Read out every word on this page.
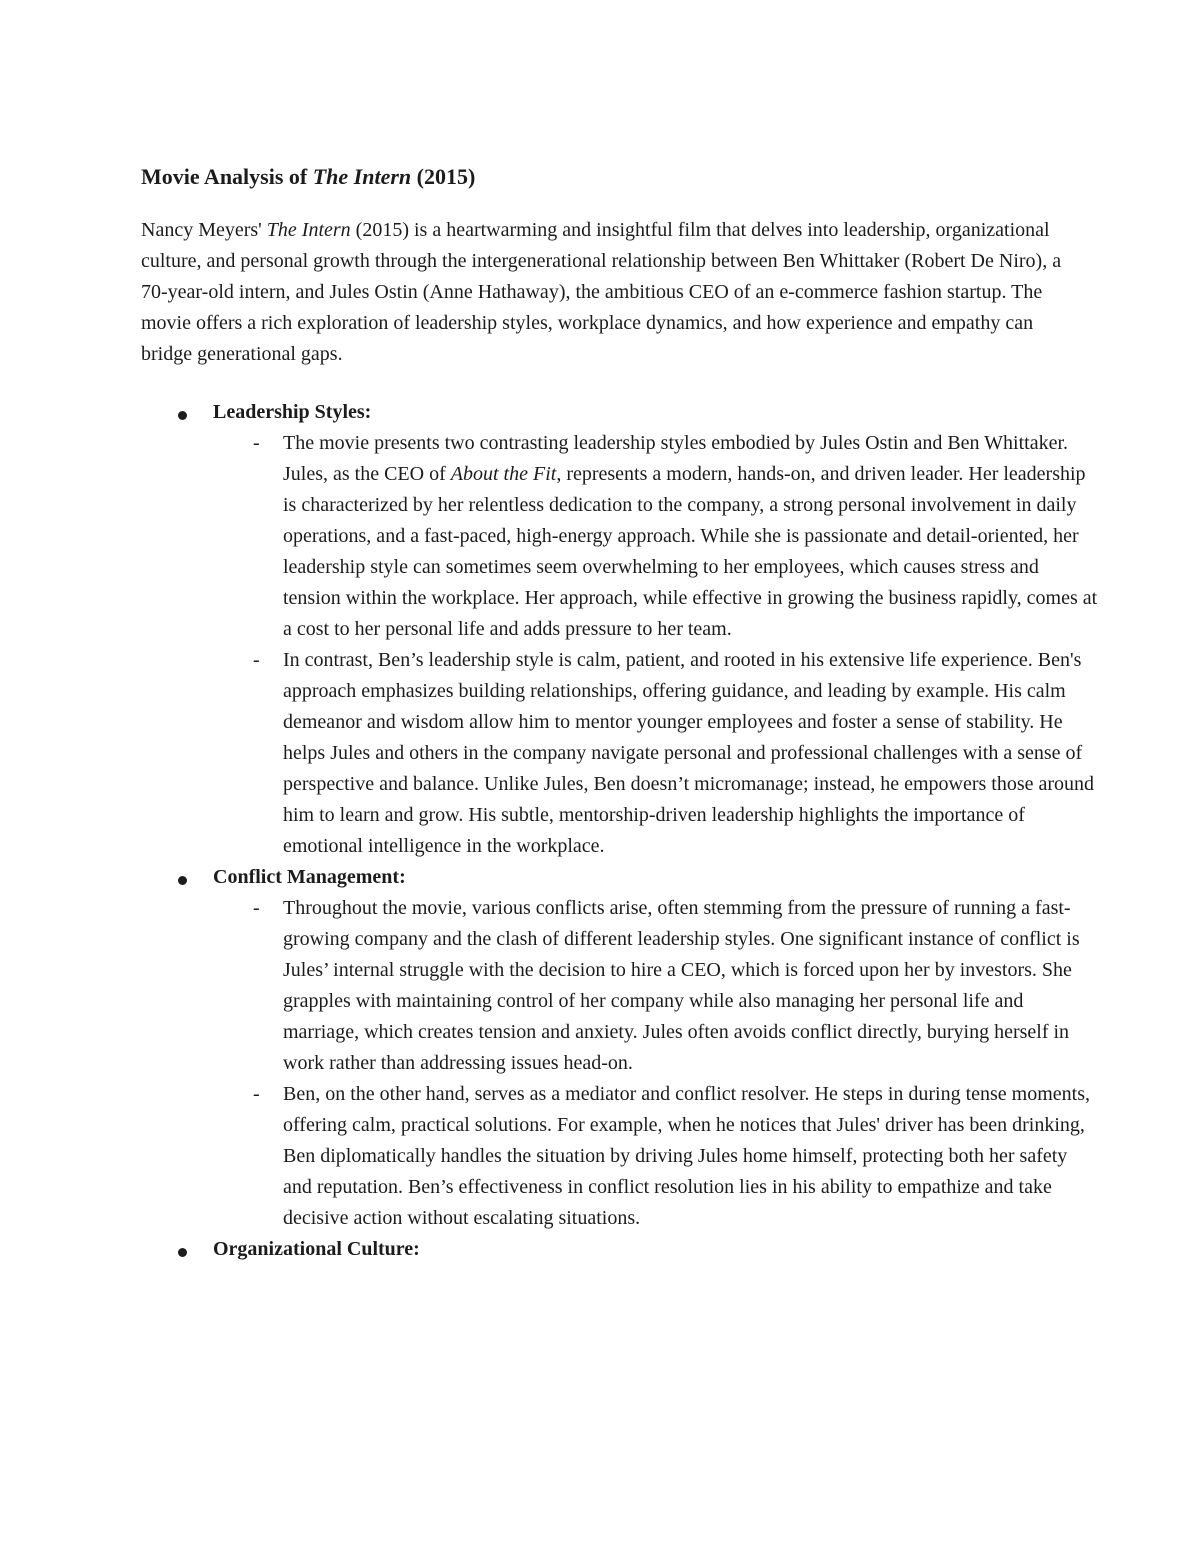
Movie Analysis of The Intern (2015)

Nancy Meyers' The Intern (2015) is a heartwarming and insightful film that delves into leadership, organizational culture, and personal growth through the intergenerational relationship between Ben Whittaker (Robert De Niro), a 70-year-old intern, and Jules Ostin (Anne Hathaway), the ambitious CEO of an e-commerce fashion startup. The movie offers a rich exploration of leadership styles, workplace dynamics, and how experience and empathy can bridge generational gaps.

Leadership Styles:
- The movie presents two contrasting leadership styles embodied by Jules Ostin and Ben Whittaker. Jules, as the CEO of About the Fit, represents a modern, hands-on, and driven leader. Her leadership is characterized by her relentless dedication to the company, a strong personal involvement in daily operations, and a fast-paced, high-energy approach. While she is passionate and detail-oriented, her leadership style can sometimes seem overwhelming to her employees, which causes stress and tension within the workplace. Her approach, while effective in growing the business rapidly, comes at a cost to her personal life and adds pressure to her team.
- In contrast, Ben’s leadership style is calm, patient, and rooted in his extensive life experience. Ben's approach emphasizes building relationships, offering guidance, and leading by example. His calm demeanor and wisdom allow him to mentor younger employees and foster a sense of stability. He helps Jules and others in the company navigate personal and professional challenges with a sense of perspective and balance. Unlike Jules, Ben doesn’t micromanage; instead, he empowers those around him to learn and grow. His subtle, mentorship-driven leadership highlights the importance of emotional intelligence in the workplace.
Conflict Management:
- Throughout the movie, various conflicts arise, often stemming from the pressure of running a fast-growing company and the clash of different leadership styles. One significant instance of conflict is Jules’ internal struggle with the decision to hire a CEO, which is forced upon her by investors. She grapples with maintaining control of her company while also managing her personal life and marriage, which creates tension and anxiety. Jules often avoids conflict directly, burying herself in work rather than addressing issues head-on.
- Ben, on the other hand, serves as a mediator and conflict resolver. He steps in during tense moments, offering calm, practical solutions. For example, when he notices that Jules' driver has been drinking, Ben diplomatically handles the situation by driving Jules home himself, protecting both her safety and reputation. Ben’s effectiveness in conflict resolution lies in his ability to empathize and take decisive action without escalating situations.
Organizational Culture:
